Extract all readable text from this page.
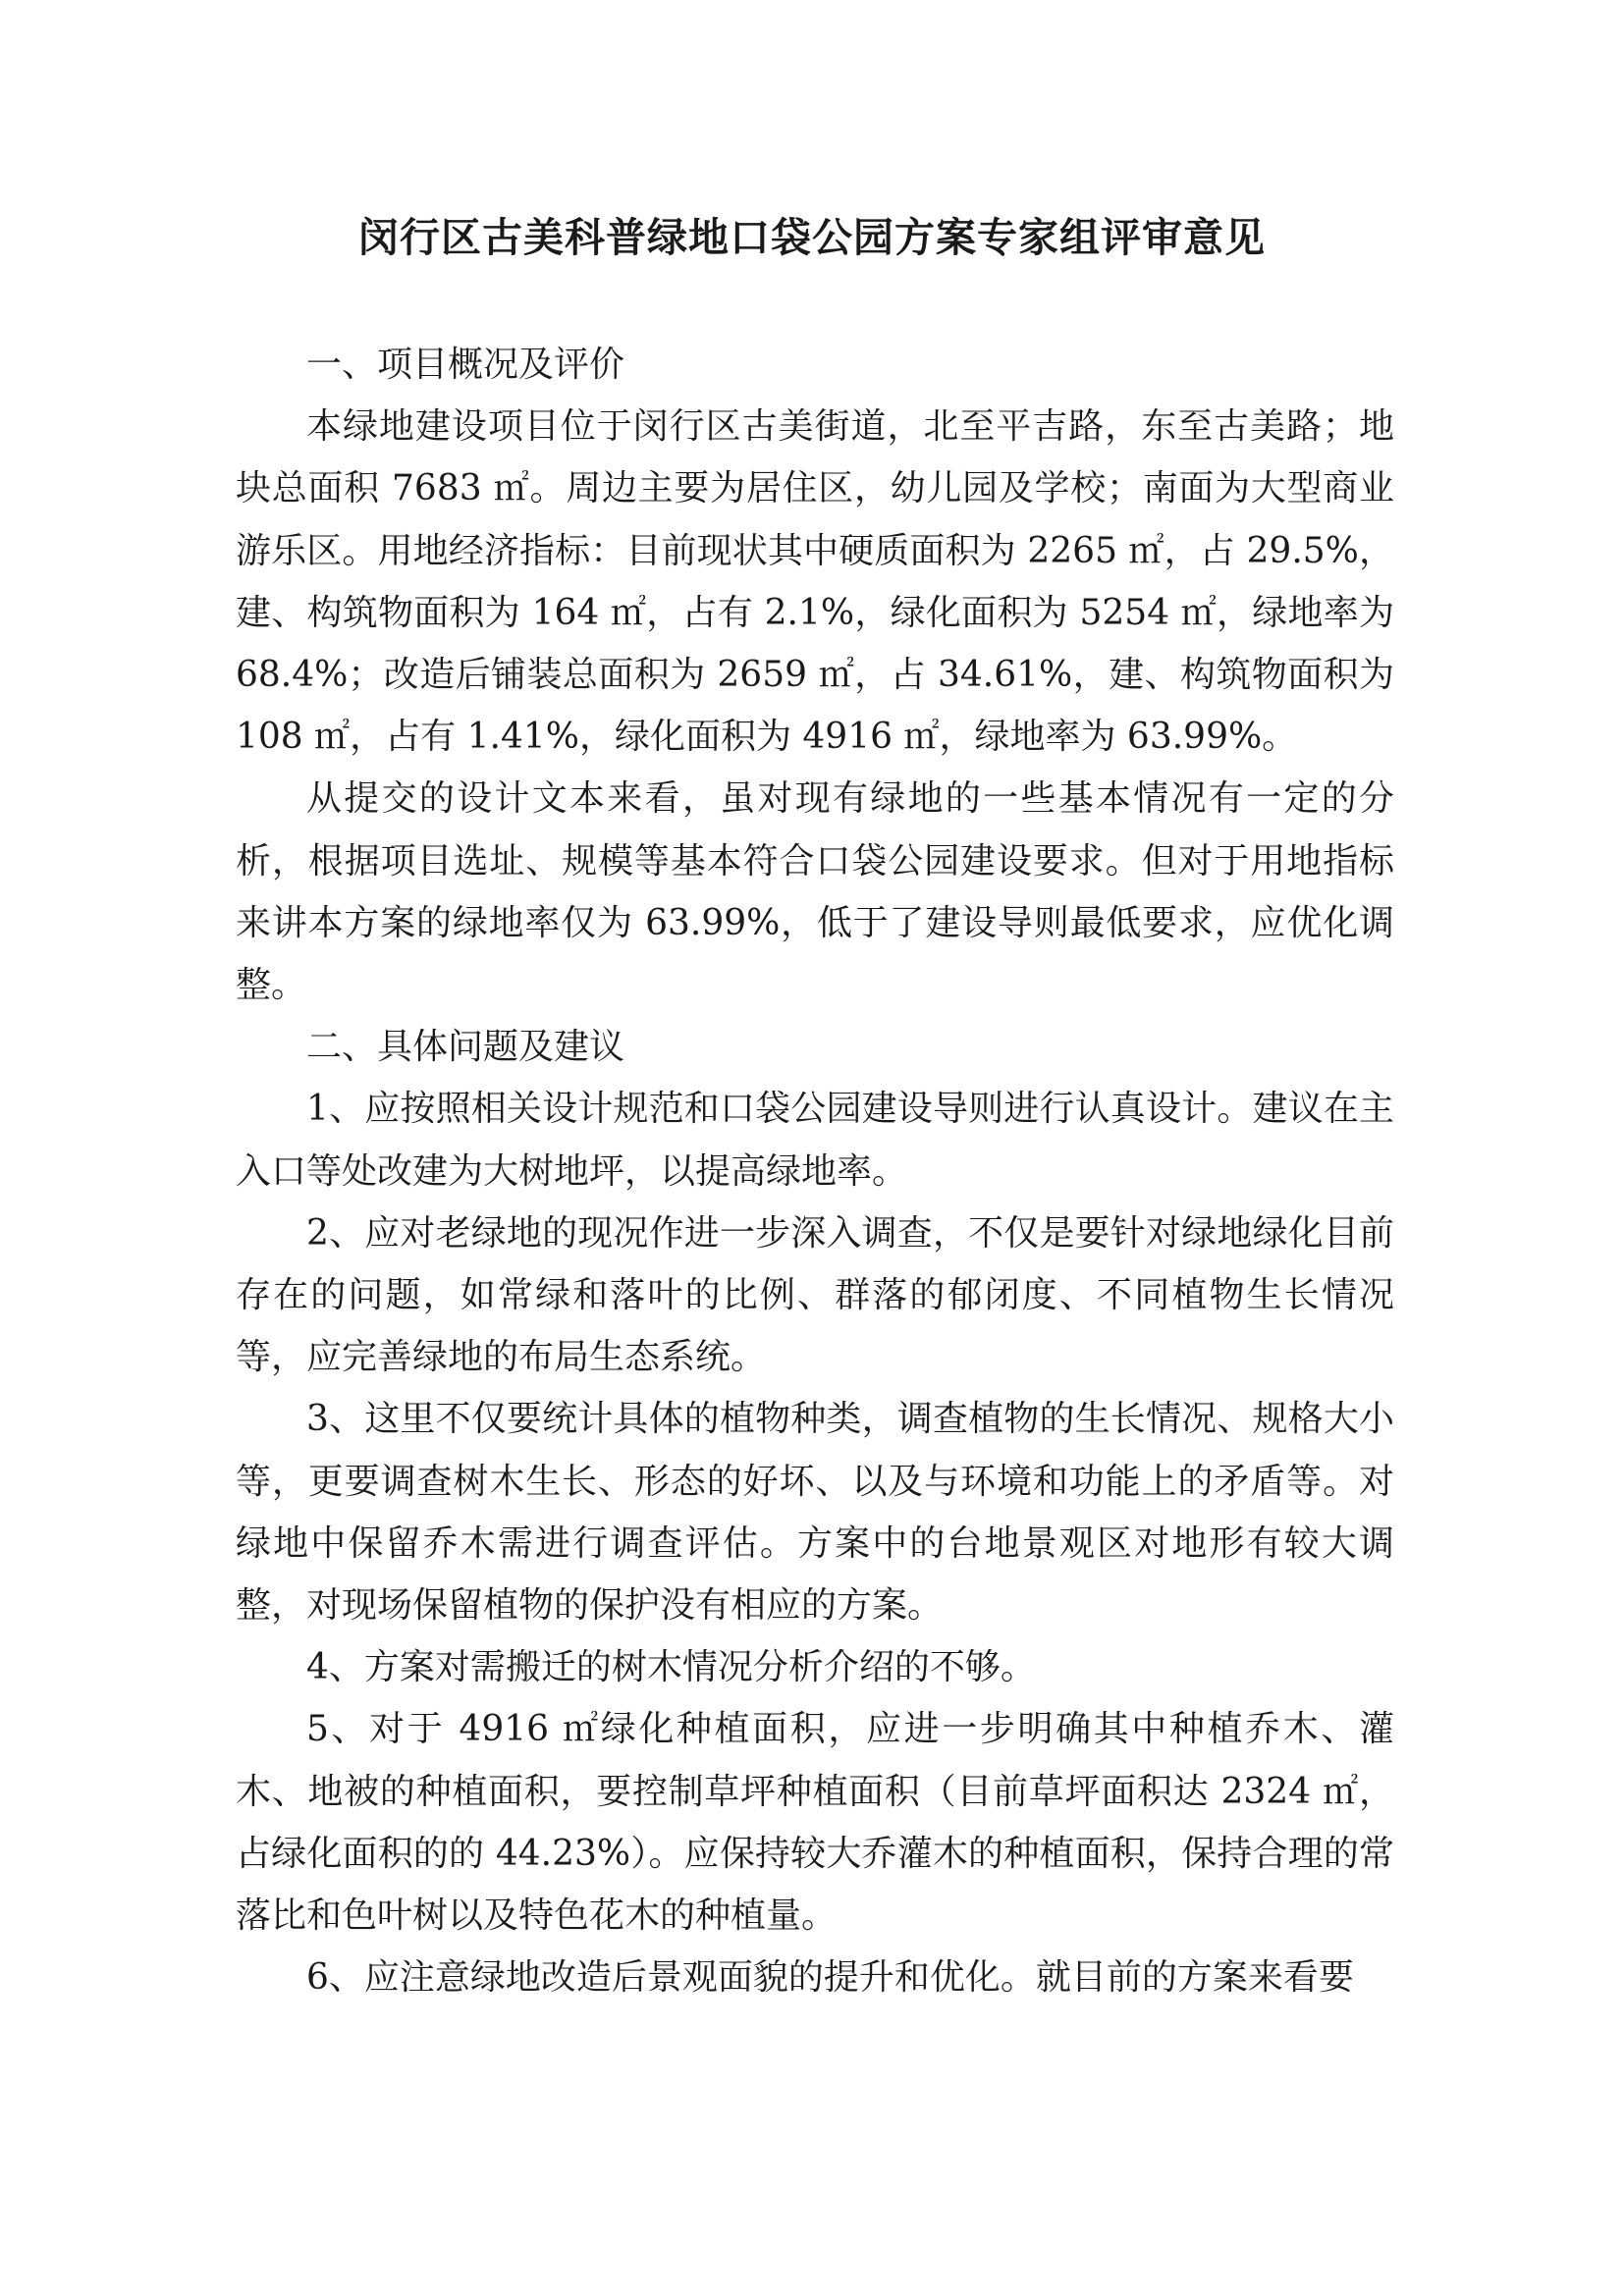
闵行区古美科普绿地口袋公园方案专家组评审意见

一、项目概况及评价

本绿地建设项目位于闵行区古美街道，北至平吉路，东至古美路；地块总面积 7683 ㎡。周边主要为居住区，幼儿园及学校；南面为大型商业游乐区。用地经济指标：目前现状其中硬质面积为 2265 ㎡，占 29.5%，建、构筑物面积为 164 ㎡，占有 2.1%，绿化面积为 5254 ㎡，绿地率为 68.4%；改造后铺装总面积为 2659 ㎡，占 34.61%，建、构筑物面积为 108 ㎡，占有 1.41%，绿化面积为 4916 ㎡，绿地率为 63.99%。

从提交的设计文本来看，虽对现有绿地的一些基本情况有一定的分析，根据项目选址、规模等基本符合口袋公园建设要求。但对于用地指标来讲本方案的绿地率仅为 63.99%，低于了建设导则最低要求，应优化调整。

二、具体问题及建议

1、应按照相关设计规范和口袋公园建设导则进行认真设计。建议在主入口等处改建为大树地坪，以提高绿地率。

2、应对老绿地的现况作进一步深入调查，不仅是要针对绿地绿化目前存在的问题，如常绿和落叶的比例、群落的郁闭度、不同植物生长情况等，应完善绿地的布局生态系统。

3、这里不仅要统计具体的植物种类，调查植物的生长情况、规格大小等，更要调查树木生长、形态的好坏、以及与环境和功能上的矛盾等。对绿地中保留乔木需进行调查评估。方案中的台地景观区对地形有较大调整，对现场保留植物的保护没有相应的方案。

4、方案对需搬迁的树木情况分析介绍的不够。

5、对于 4916 ㎡绿化种植面积，应进一步明确其中种植乔木、灌木、地被的种植面积，要控制草坪种植面积（目前草坪面积达 2324 ㎡，占绿化面积的的 44.23%）。应保持较大乔灌木的种植面积，保持合理的常落比和色叶树以及特色花木的种植量。

6、应注意绿地改造后景观面貌的提升和优化。就目前的方案来看要
